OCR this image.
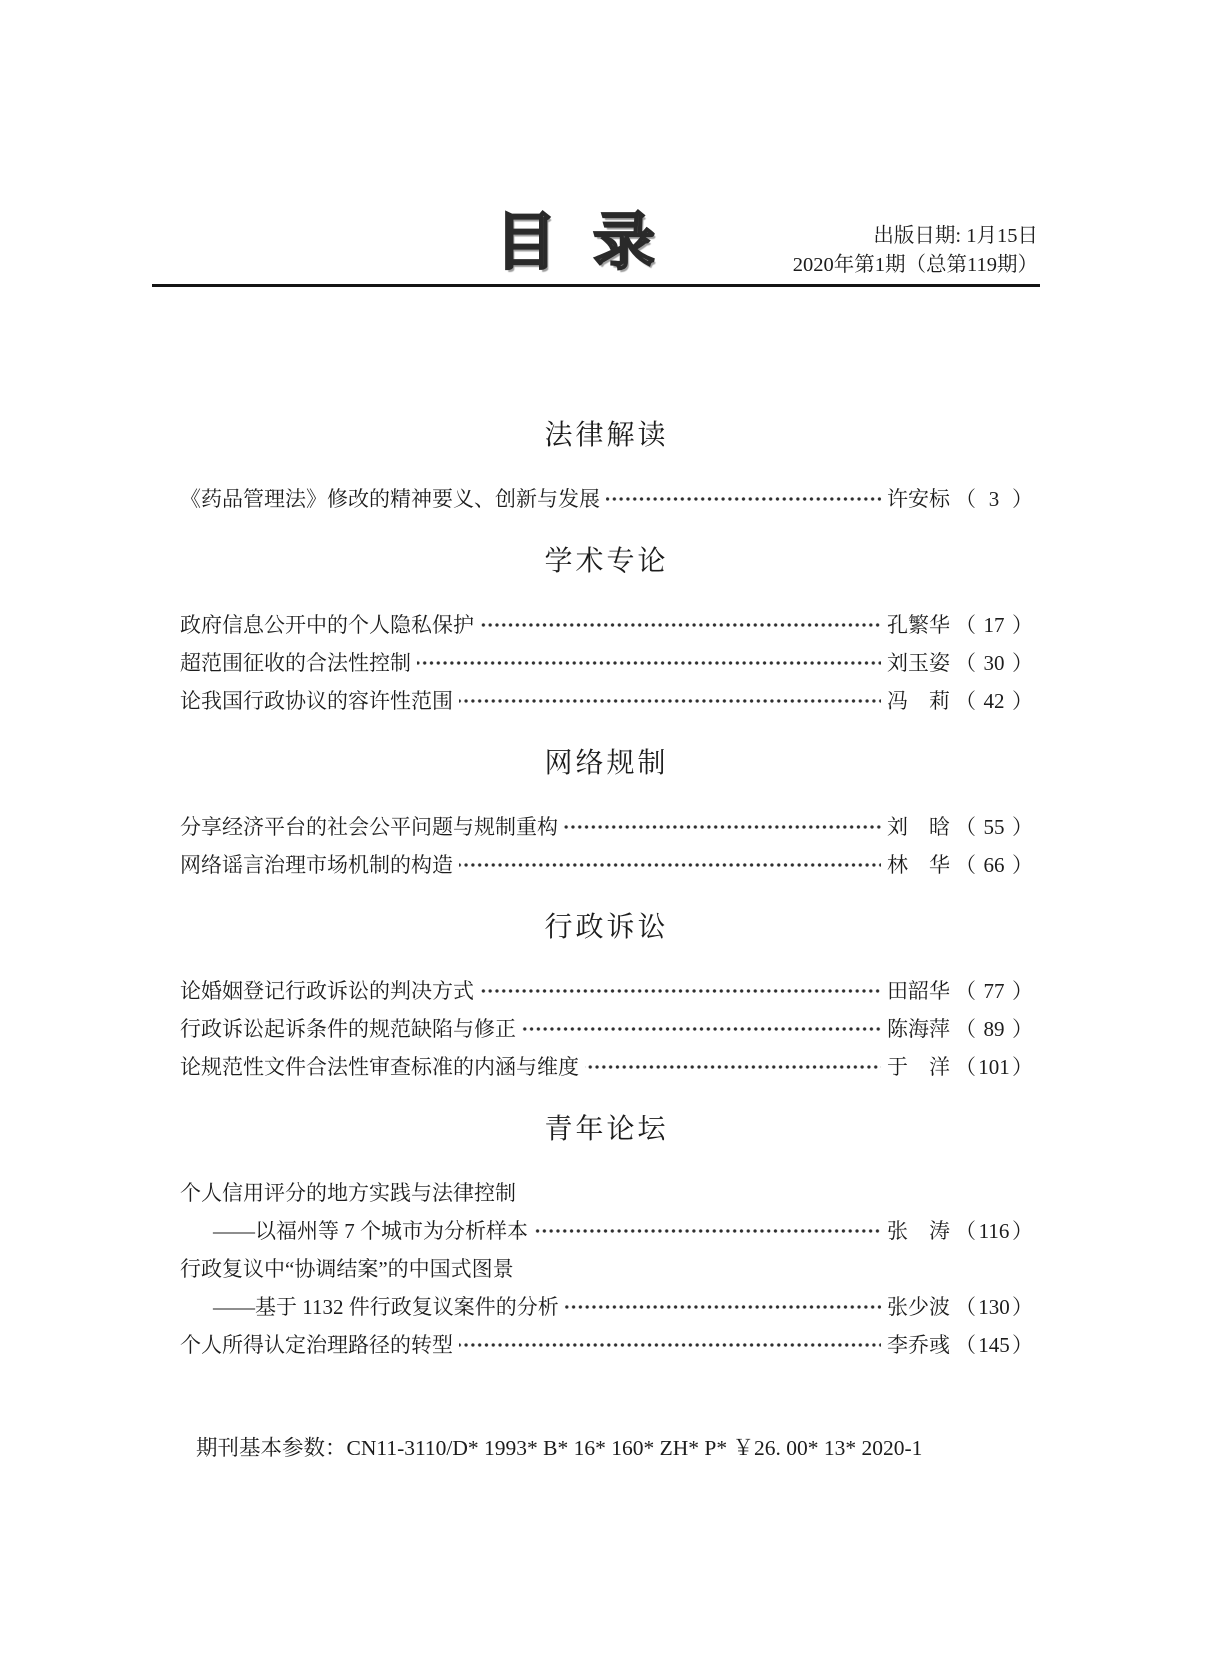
目录	出版日期: 1月15日
2020年第1期（总第119期）
法律解读
《药品管理法》修改的精神要义、创新与发展	许安标 （ 3 ）
学术专论
政府信息公开中的个人隐私保护	孔繁华 （ 17 ）
超范围征收的合法性控制	刘玉姿 （ 30 ）
论我国行政协议的容许性范围	冯　莉 （ 42 ）
网络规制
分享经济平台的社会公平问题与规制重构	刘　晗 （ 55 ）
网络谣言治理市场机制的构造	林　华 （ 66 ）
行政诉讼
论婚姻登记行政诉讼的判决方式	田韶华 （ 77 ）
行政诉讼起诉条件的规范缺陷与修正	陈海萍 （ 89 ）
论规范性文件合法性审查标准的内涵与维度	于　洋 （ 101 ）
青年论坛
个人信用评分的地方实践与法律控制
——以福州等 7 个城市为分析样本	张　涛 （ 116 ）
行政复议中“协调结案”的中国式图景
——基于 1132 件行政复议案件的分析	张少波 （ 130 ）
个人所得认定治理路径的转型	李乔彧 （ 145 ）
期刊基本参数：CN11-3110/D* 1993* B* 16* 160* ZH* P* ￥26. 00* 13* 2020-1
